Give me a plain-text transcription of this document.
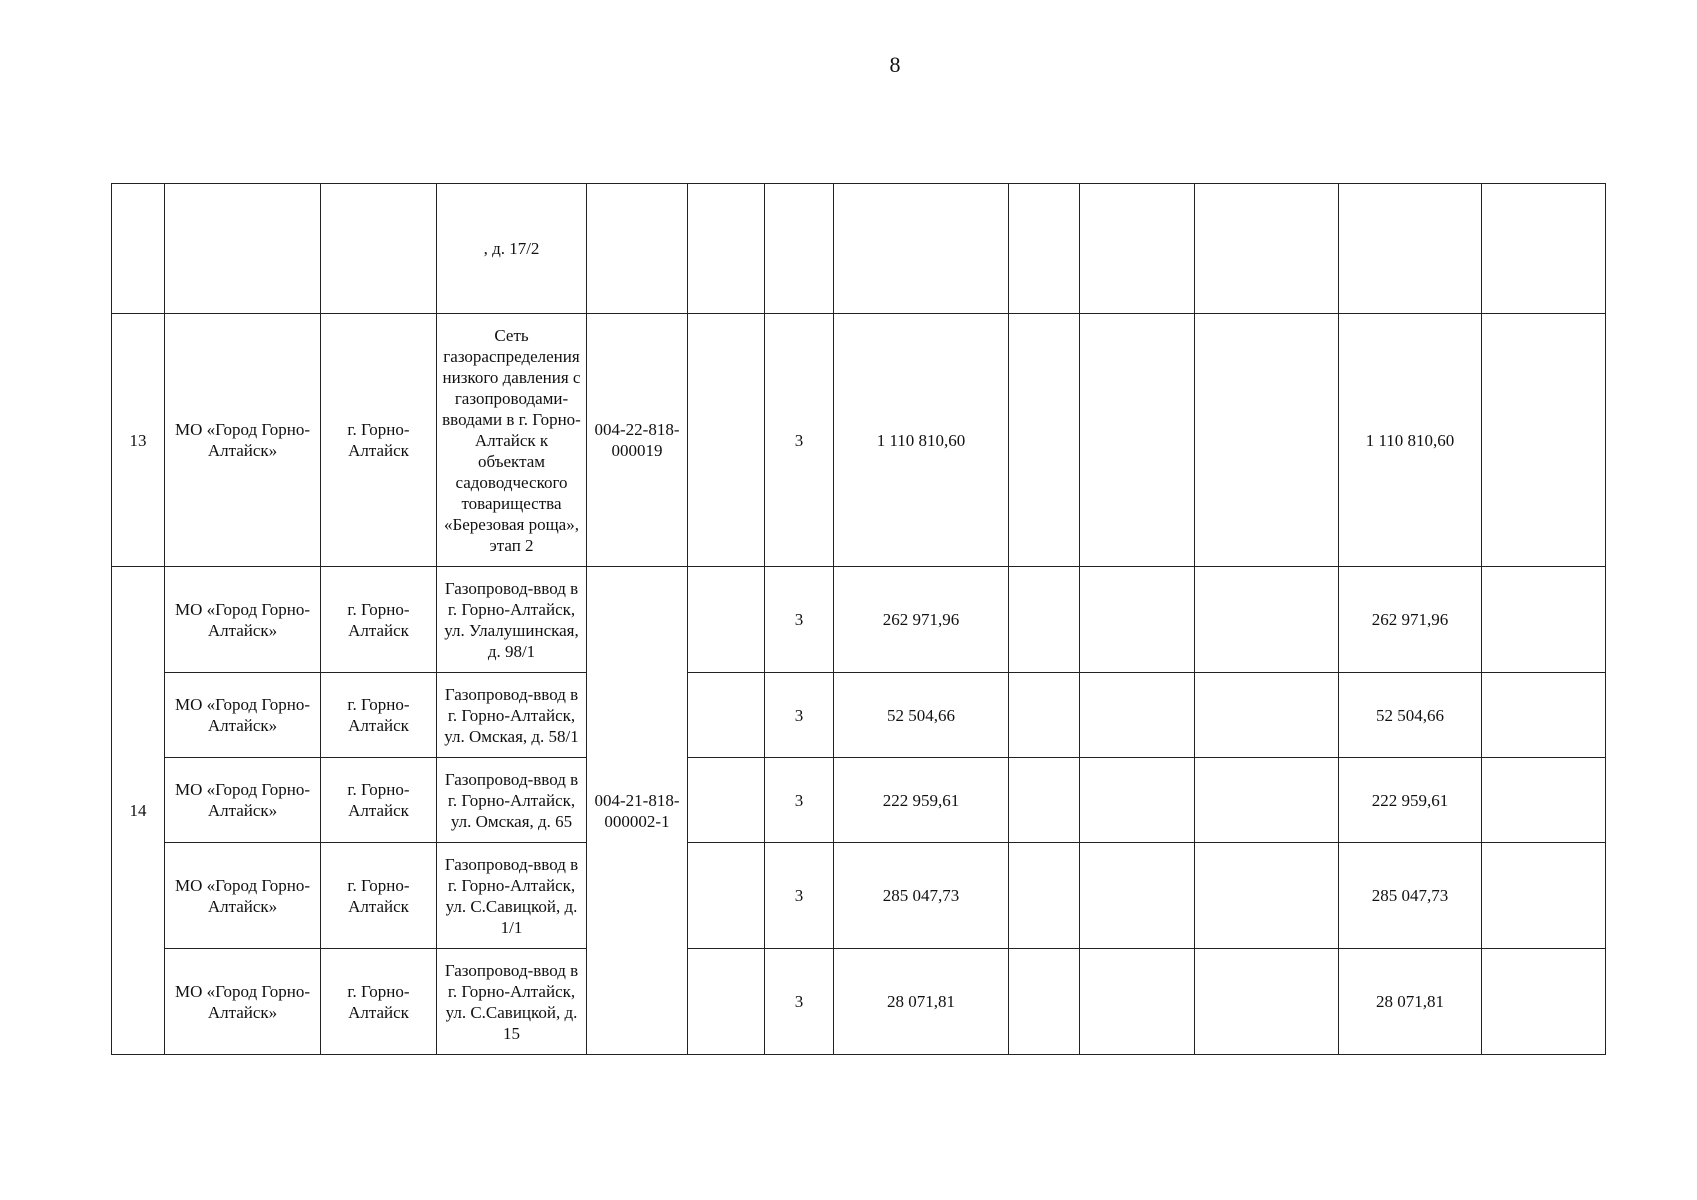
8
			, д. 17/2									
13	МО «Город Горно-Алтайск»	г. Горно-Алтайск	Сеть газораспределения низкого давления с газопроводами-вводами в г. Горно-Алтайск к объектам садоводческого товарищества «Березовая роща», этап 2	004-22-818-000019		3	1 110 810,60				1 110 810,60	
14	МО «Город Горно-Алтайск»	г. Горно-Алтайск	Газопровод-ввод в г. Горно-Алтайск, ул. Улалушинская, д. 98/1	004-21-818-000002-1		3	262 971,96				262 971,96	
	МО «Город Горно-Алтайск»	г. Горно-Алтайск	Газопровод-ввод в г. Горно-Алтайск, ул. Омская, д. 58/1			3	52 504,66				52 504,66	
	МО «Город Горно-Алтайск»	г. Горно-Алтайск	Газопровод-ввод в г. Горно-Алтайск, ул. Омская, д. 65			3	222 959,61				222 959,61	
	МО «Город Горно-Алтайск»	г. Горно-Алтайск	Газопровод-ввод в г. Горно-Алтайск, ул. С.Савицкой, д. 1/1			3	285 047,73				285 047,73	
	МО «Город Горно-Алтайск»	г. Горно-Алтайск	Газопровод-ввод в г. Горно-Алтайск, ул. С.Савицкой, д. 15			3	28 071,81				28 071,81	
